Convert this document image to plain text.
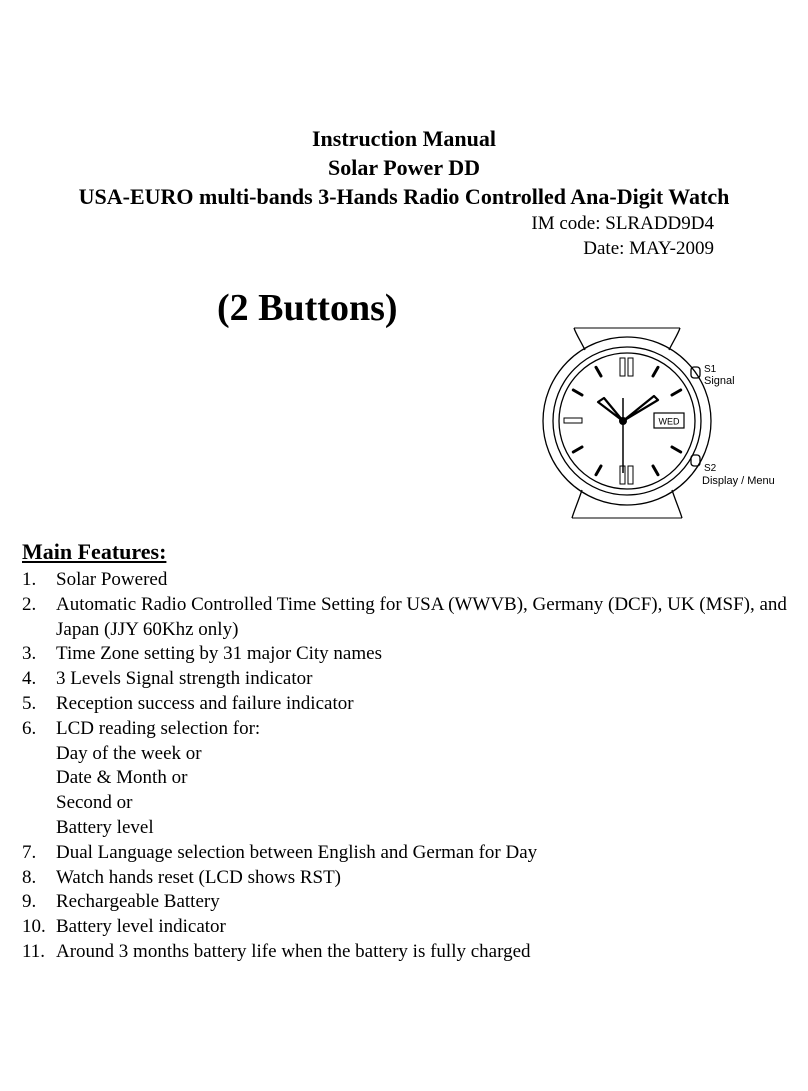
Instruction Manual
Solar Power DD
USA-EURO multi-bands 3-Hands Radio Controlled Ana-Digit Watch
IM code: SLRADD9D4
Date: MAY-2009
(2 Buttons)
WED
S1
Signal
S2
Display / Menu
Main Features:
1.	Solar Powered
2.	Automatic Radio Controlled Time Setting for USA (WWVB), Germany (DCF), UK (MSF), and Japan (JJY 60Khz only)
3.	Time Zone setting by 31 major City names
4.	3 Levels Signal strength indicator
5.	Reception success and failure indicator
6.	LCD reading selection for:
Day of the week or
Date & Month or
Second or
Battery level
7.	Dual Language selection between English and German for Day
8.	Watch hands reset (LCD shows RST)
9.	Rechargeable Battery
10. Battery level indicator
11. Around 3 months battery life when the battery is fully charged
